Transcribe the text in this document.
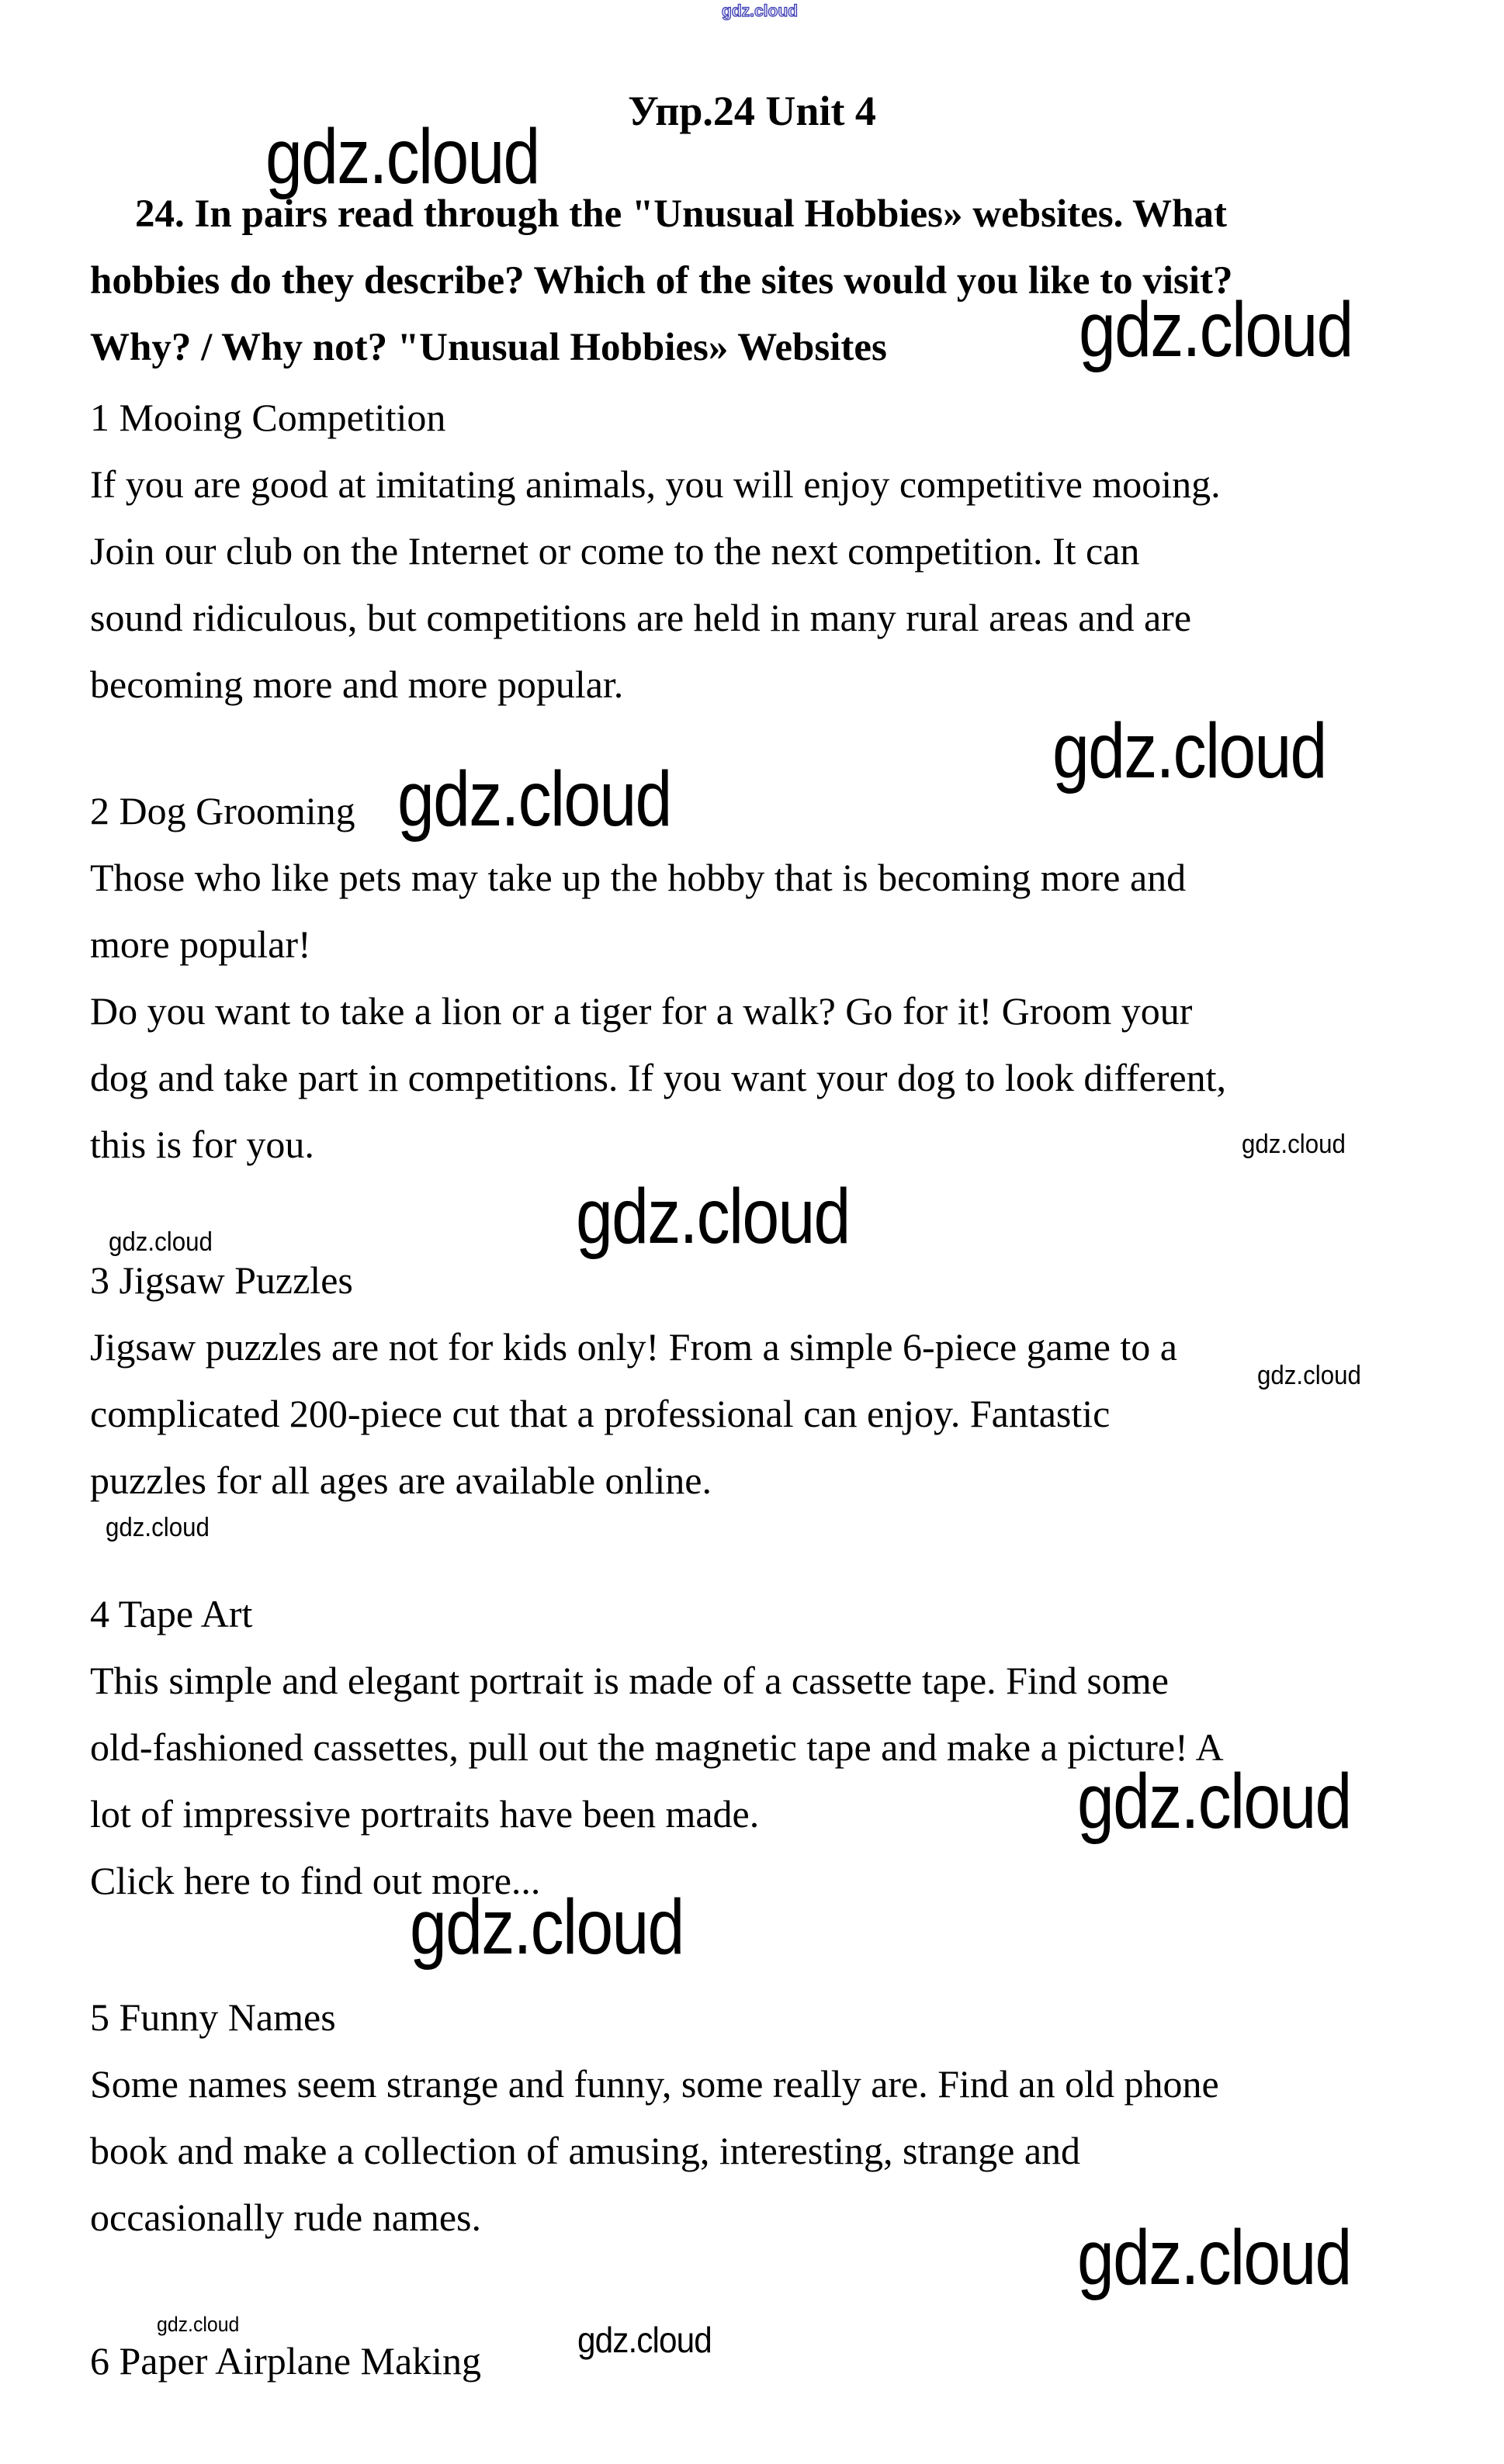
gdz.cloud
gdz.cloud
gdz.cloud
gdz.cloud
gdz.cloud
gdz.cloud
gdz.cloud
gdz.cloud
gdz.cloud
gdz.cloud
gdz.cloud
gdz.cloud
gdz.cloud
gdz.cloud	gdz.cloud
Упр.24 Unit 4
24. In pairs read through the "Unusual Hobbies» websites. What
hobbies do they describe? Which of the sites would you like to visit?
Why? / Why not? "Unusual Hobbies» Websites
1 Mooing Competition
If you are good at imitating animals, you will enjoy competitive mooing.
Join our club on the Internet or come to the next competition. It can
sound ridiculous, but competitions are held in many rural areas and are
becoming more and more popular.
2 Dog Grooming
Those who like pets may take up the hobby that is becoming more and
more popular!
Do you want to take a lion or a tiger for a walk? Go for it! Groom your
dog and take part in competitions. If you want your dog to look different,
this is for you.
3 Jigsaw Puzzles
Jigsaw puzzles are not for kids only! From a simple 6-piece game to a
complicated 200-piece cut that a professional can enjoy. Fantastic
puzzles for all ages are available online.
4 Tape Art
This simple and elegant portrait is made of a cassette tape. Find some
old-fashioned cassettes, pull out the magnetic tape and make a picture! A
lot of impressive portraits have been made.
Click here to find out more...
5 Funny Names
Some names seem strange and funny, some really are. Find an old phone
book and make a collection of amusing, interesting, strange and
occasionally rude names.
6 Paper Airplane Making
